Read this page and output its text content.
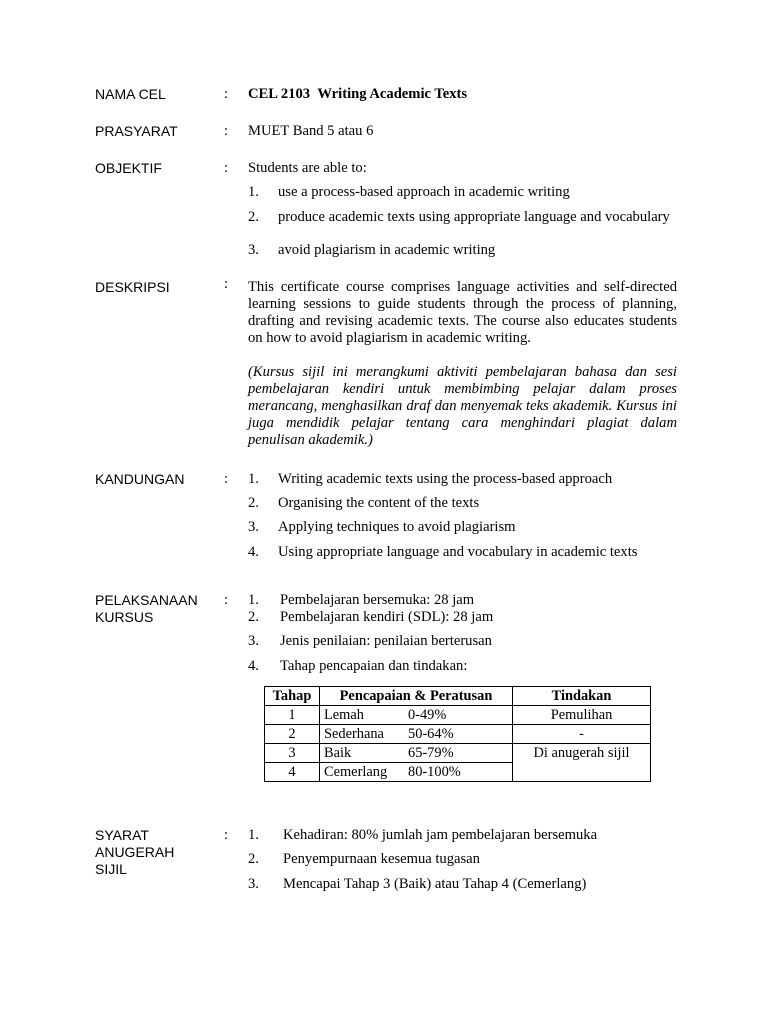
NAMA CEL	: CEL 2103 Writing Academic Texts
PRASYARAT	: MUET Band 5 atau 6
OBJEKTIF	: Students are able to:
1. use a process-based approach in academic writing
2. produce academic texts using appropriate language and vocabulary
3. avoid plagiarism in academic writing
DESKRIPSI	: This certificate course comprises language activities and self-directed learning sessions to guide students through the process of planning, drafting and revising academic texts. The course also educates students on how to avoid plagiarism in academic writing.
(Kursus sijil ini merangkumi aktiviti pembelajaran bahasa dan sesi pembelajaran kendiri untuk membimbing pelajar dalam proses merancang, menghasilkan draf dan menyemak teks akademik. Kursus ini juga mendidik pelajar tentang cara menghindari plagiat dalam penulisan akademik.)
KANDUNGAN	: 1. Writing academic texts using the process-based approach
2. Organising the content of the texts
3. Applying techniques to avoid plagiarism
4. Using appropriate language and vocabulary in academic texts
PELAKSANAAN
KURSUS
: 1. Pembelajaran bersemuka: 28 jam
2. Pembelajaran kendiri (SDL): 28 jam
3. Jenis penilaian: penilaian berterusan
4. Tahap pencapaian dan tindakan:
Tahap	Pencapaian & Peratusan		Tindakan
1	Lemah	0-49%	Pemulihan
2	Sederhana	50-64%	-
3	Baik	65-79%	Di anugerah sijil
4	Cemerlang	80-100%	
SYARAT
ANUGERAH
SIJIL
: 1. Kehadiran: 80% jumlah jam pembelajaran bersemuka
2. Penyempurnaan kesemua tugasan
3. Mencapai Tahap 3 (Baik) atau Tahap 4 (Cemerlang)
